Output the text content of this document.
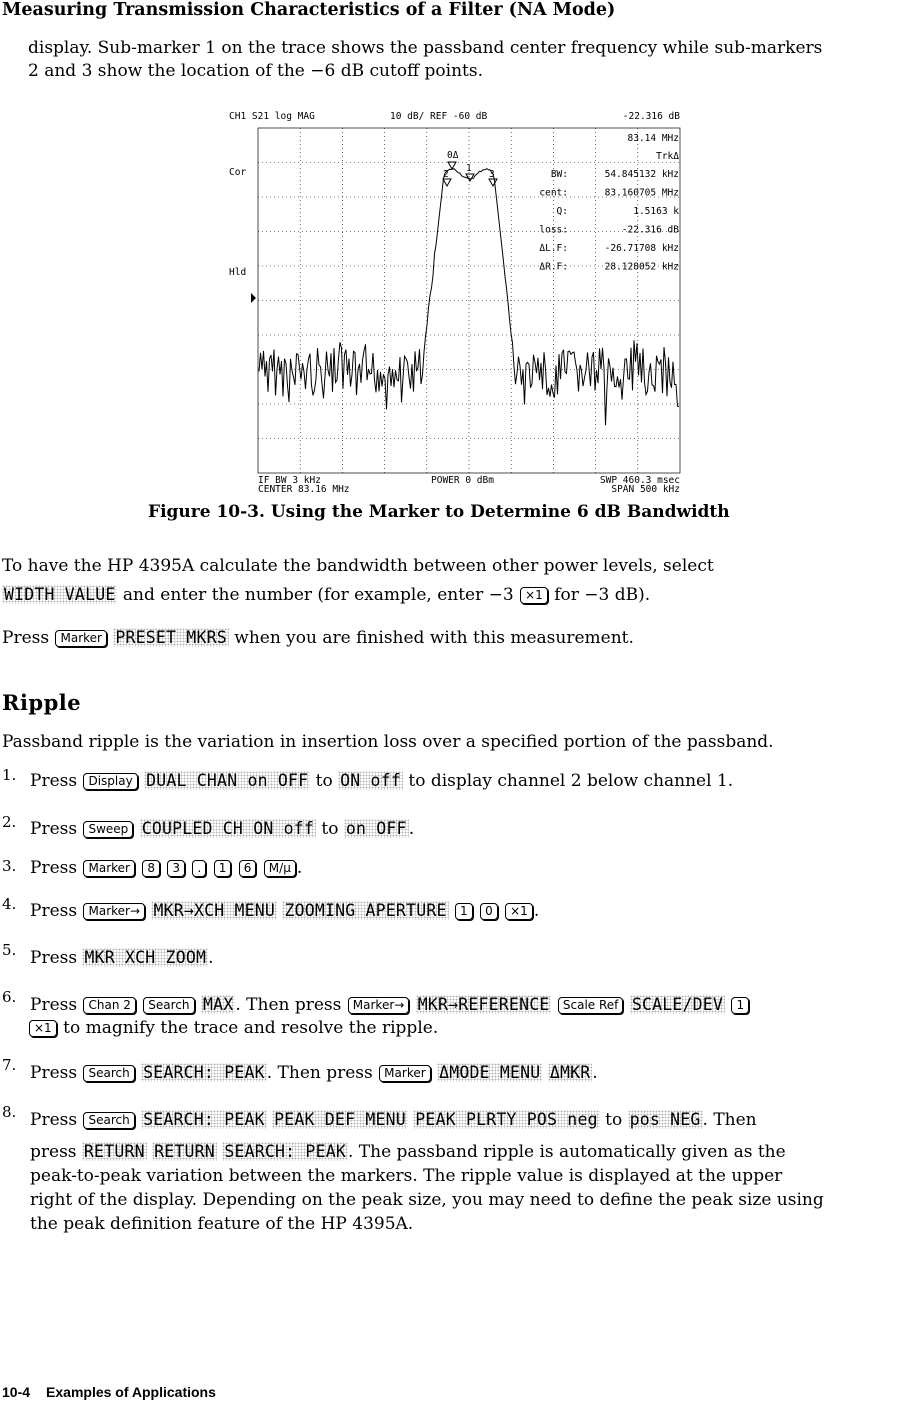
Measuring Transmission Characteristics of a Filter (NA Mode)
display. Sub-marker 1 on the trace shows the passband center frequency while sub-markers
2 and 3 show the location of the −6 dB cutoff points.
CH1 S21 log MAG	10 dB/ REF -60 dB	-22.316 dB
Cor
Hld
83.14 MHz
TrkΔ
BW:	54.845132 kHz
cent:	83.160705 MHz
Q:	1.5163 k
loss:	-22.316 dB
ΔL.F:	-26.71708 kHz
ΔR.F:	28.128052 kHz
0Δ
1
2	3
IF BW 3 kHz	POWER 0 dBm	SWP 460.3 msec
CENTER 83.16 MHz	SPAN 500 kHz
Figure 10-3. Using the Marker to Determine 6 dB Bandwidth
To have the HP 4395A calculate the bandwidth between other power levels, select
WIDTH VALUE and enter the number (for example, enter −3 ×1 for −3 dB).
Press Marker PRESET MKRS when you are finished with this measurement.
Ripple
Passband ripple is the variation in insertion loss over a specified portion of the passband.
1. Press Display DUAL CHAN on OFF to ON off to display channel 2 below channel 1.
2. Press Sweep COUPLED CH ON off to on OFF .
3. Press Marker 8 3 . 1 6 M/μ .
4. Press Marker→ MKR→XCH MENU ZOOMING APERTURE 1 0 ×1 .
5. Press MKR XCH ZOOM .
6. Press Chan 2 Search MAX . Then press Marker→ MKR→REFERENCE Scale Ref SCALE/DEV 1
×1 to magnify the trace and resolve the ripple.
7. Press Search SEARCH: PEAK . Then press Marker ΔMODE MENU ΔMKR .
8. Press Search SEARCH: PEAK PEAK DEF MENU PEAK PLRTY POS neg to pos NEG . Then
press RETURN RETURN SEARCH: PEAK . The passband ripple is automatically given as the
peak-to-peak variation between the markers. The ripple value is displayed at the upper
right of the display. Depending on the peak size, you may need to define the peak size using
the peak definition feature of the HP 4395A.
10-4 Examples of Applications
